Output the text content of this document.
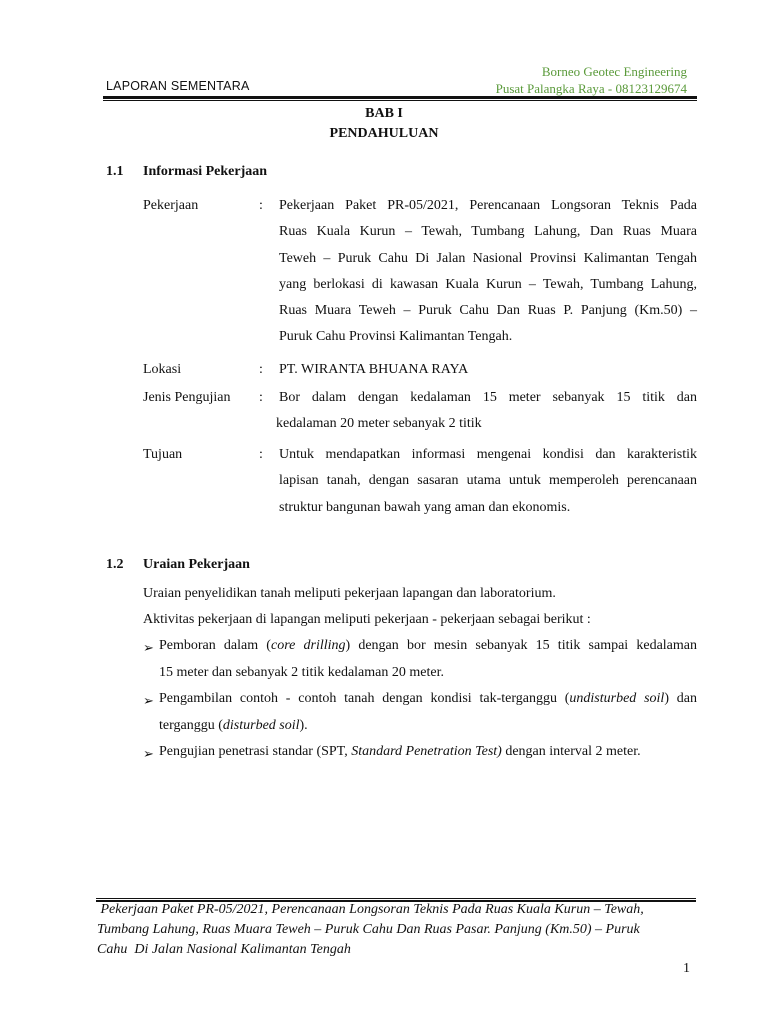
LAPORAN SEMENTARA
Borneo Geotec Engineering
Pusat Palangka Raya - 08123129674
BAB I
PENDAHULUAN
1.1 Informasi Pekerjaan
Pekerjaan	: Pekerjaan Paket PR-05/2021, Perencanaan Longsoran Teknis Pada
Ruas Kuala Kurun – Tewah, Tumbang Lahung, Dan Ruas Muara
Teweh – Puruk Cahu Di Jalan Nasional Provinsi Kalimantan Tengah
yang berlokasi di kawasan Kuala Kurun – Tewah, Tumbang Lahung,
Ruas Muara Teweh – Puruk Cahu Dan Ruas P. Panjung (Km.50) –
Puruk Cahu Provinsi Kalimantan Tengah.
Lokasi	: PT. WIRANTA BHUANA RAYA
Jenis Pengujian : Bor dalam dengan kedalaman 15 meter sebanyak 15 titik dan
kedalaman 20 meter sebanyak 2 titik
Tujuan	: Untuk mendapatkan informasi mengenai kondisi dan karakteristik
lapisan tanah, dengan sasaran utama untuk memperoleh perencanaan
struktur bangunan bawah yang aman dan ekonomis.
1.2 Uraian Pekerjaan
Uraian penyelidikan tanah meliputi pekerjaan lapangan dan laboratorium.
Aktivitas pekerjaan di lapangan meliputi pekerjaan - pekerjaan sebagai berikut :
➢ Pemboran dalam (core drilling) dengan bor mesin sebanyak 15 titik sampai kedalaman
15 meter dan sebanyak 2 titik kedalaman 20 meter.
➢ Pengambilan contoh - contoh tanah dengan kondisi tak-terganggu (undisturbed soil) dan
terganggu (disturbed soil).
➢ Pengujian penetrasi standar (SPT, Standard Penetration Test) dengan interval 2 meter.
Pekerjaan Paket PR-05/2021, Perencanaan Longsoran Teknis Pada Ruas Kuala Kurun – Tewah,
Tumbang Lahung, Ruas Muara Teweh – Puruk Cahu Dan Ruas Pasar. Panjung (Km.50) – Puruk
Cahu  Di Jalan Nasional Kalimantan Tengah
1
